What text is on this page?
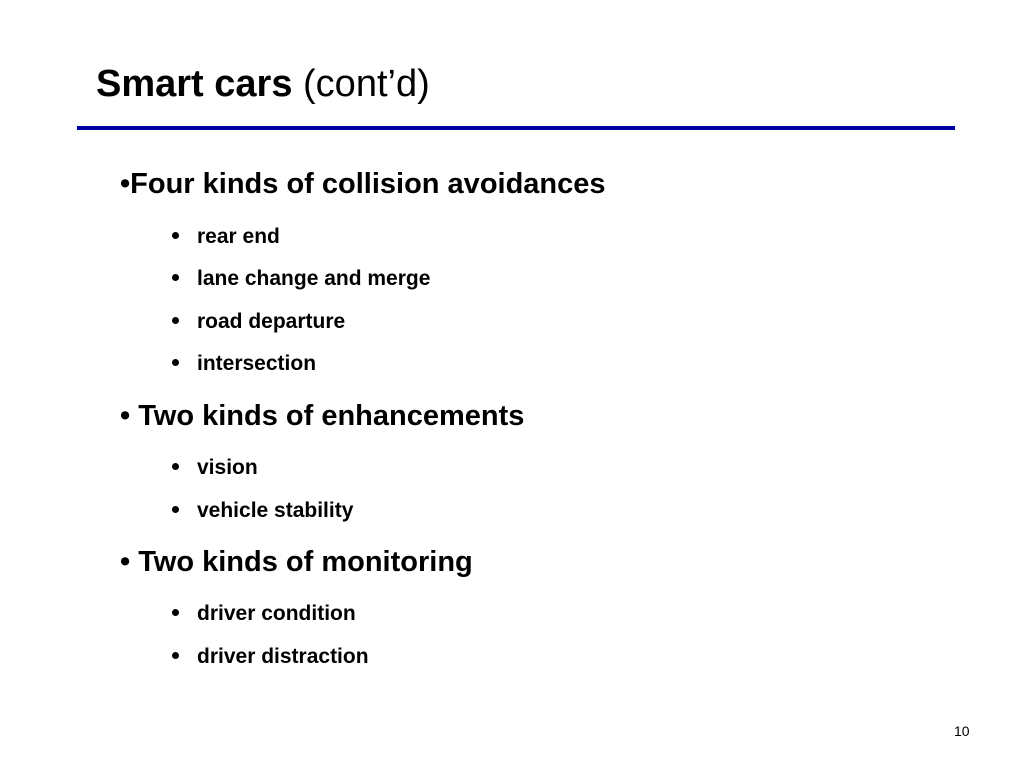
Smart cars (cont’d)
•Four kinds of collision avoidances
rear end
lane change and merge
road departure
intersection
• Two kinds of enhancements
vision
vehicle stability
• Two kinds of monitoring
driver condition
driver distraction
10
